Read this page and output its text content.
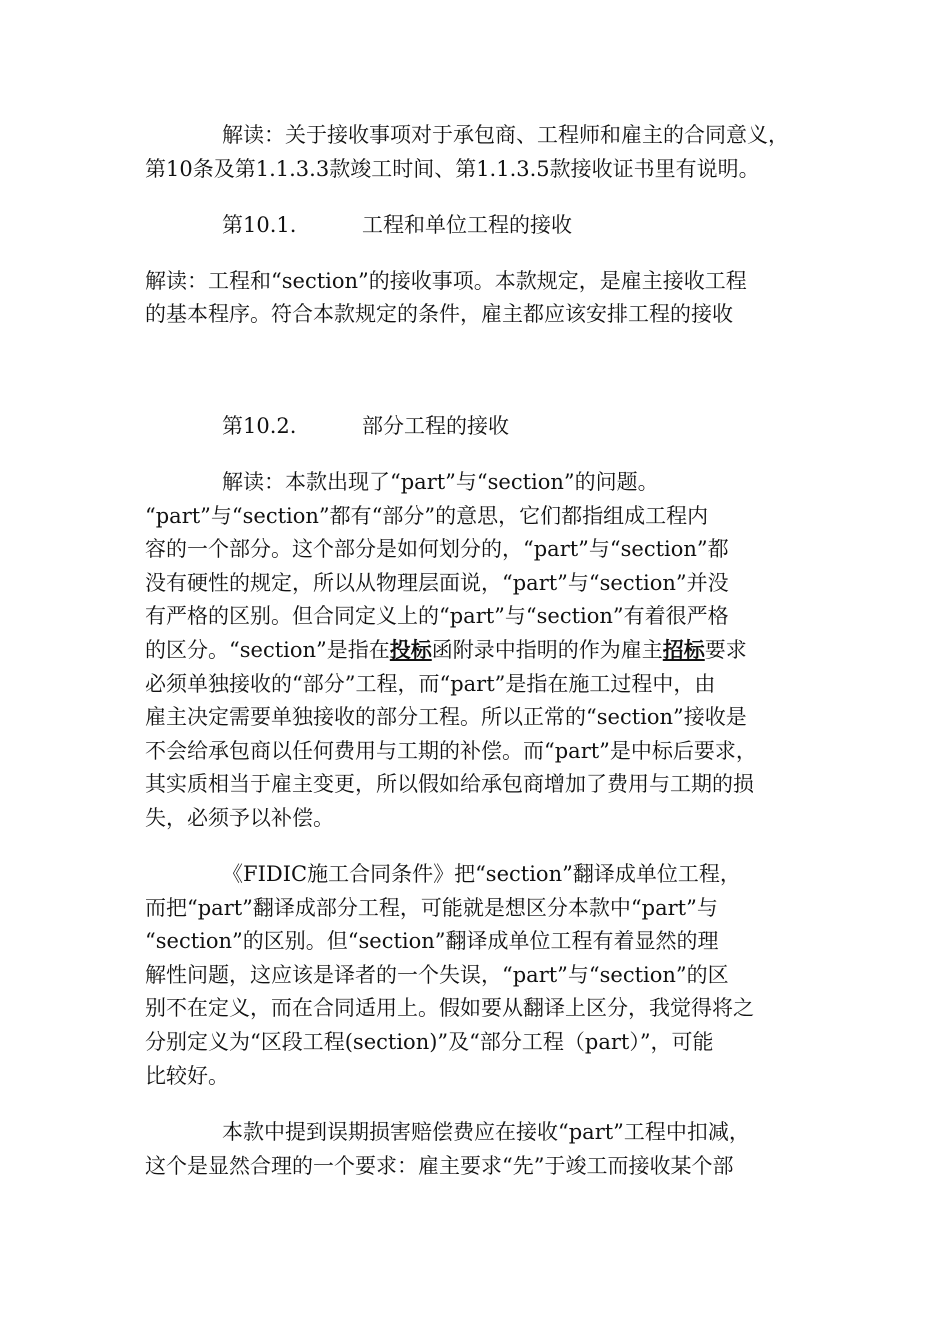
解读：关于接收事项对于承包商、工程师和雇主的合同意义，
第10条及第1.1.3.3款竣工时间、第1.1.3.5款接收证书里有说明。
第10.1.	工程和单位工程的接收
解读：工程和“section”的接收事项。本款规定，是雇主接收工程
的基本程序。符合本款规定的条件，雇主都应该安排工程的接收
第10.2.	部分工程的接收
解读：本款出现了“part”与“section”的问题。
“part”与“section”都有“部分”的意思，它们都指组成工程内
容的一个部分。这个部分是如何划分的，“part”与“section”都
没有硬性的规定，所以从物理层面说，“part”与“section”并没
有严格的区别。但合同定义上的“part”与“section”有着很严格
的区分。“section”是指在投标函附录中指明的作为雇主招标要求
必须单独接收的“部分”工程，而“part”是指在施工过程中，由
雇主决定需要单独接收的部分工程。所以正常的“section”接收是
不会给承包商以任何费用与工期的补偿。而“part”是中标后要求，
其实质相当于雇主变更，所以假如给承包商增加了费用与工期的损
失，必须予以补偿。
《FIDIC施工合同条件》把“section”翻译成单位工程，
而把“part”翻译成部分工程，可能就是想区分本款中“part”与
“section”的区别。但“section”翻译成单位工程有着显然的理
解性问题，这应该是译者的一个失误，“part”与“section”的区
别不在定义，而在合同适用上。假如要从翻译上区分，我觉得将之
分别定义为“区段工程(section)”及“部分工程（part）”，可能
比较好。
本款中提到误期损害赔偿费应在接收“part”工程中扣减，
这个是显然合理的一个要求：雇主要求“先”于竣工而接收某个部
